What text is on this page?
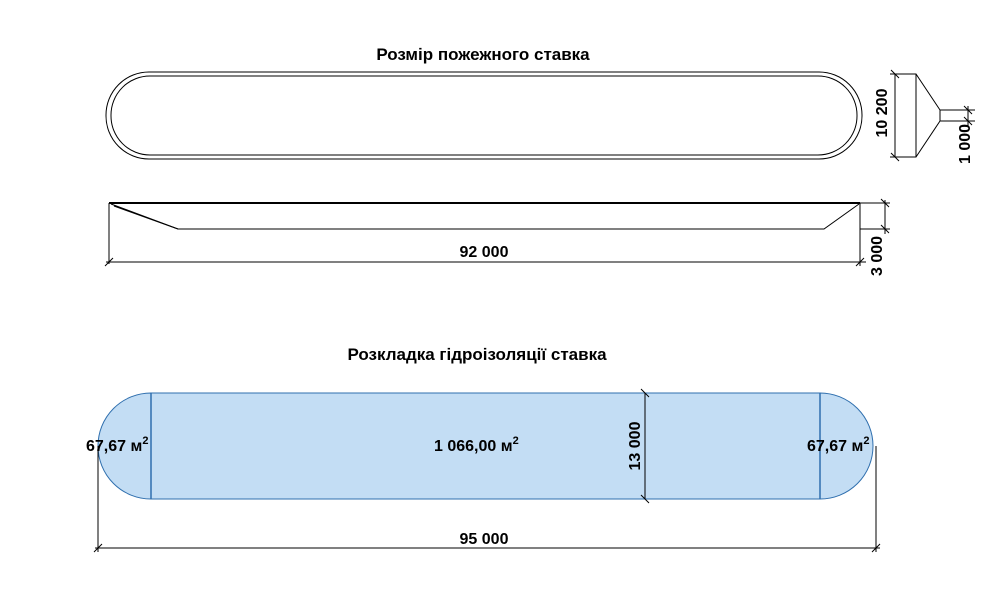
Розмір пожежного ставка
10 200
1 000
92 000	3 000
Розкладка гідроізоляції ставка
67,67 $м^2$	1 066,00 $м^2$	67,67 $м^2$
13 000
95 000
